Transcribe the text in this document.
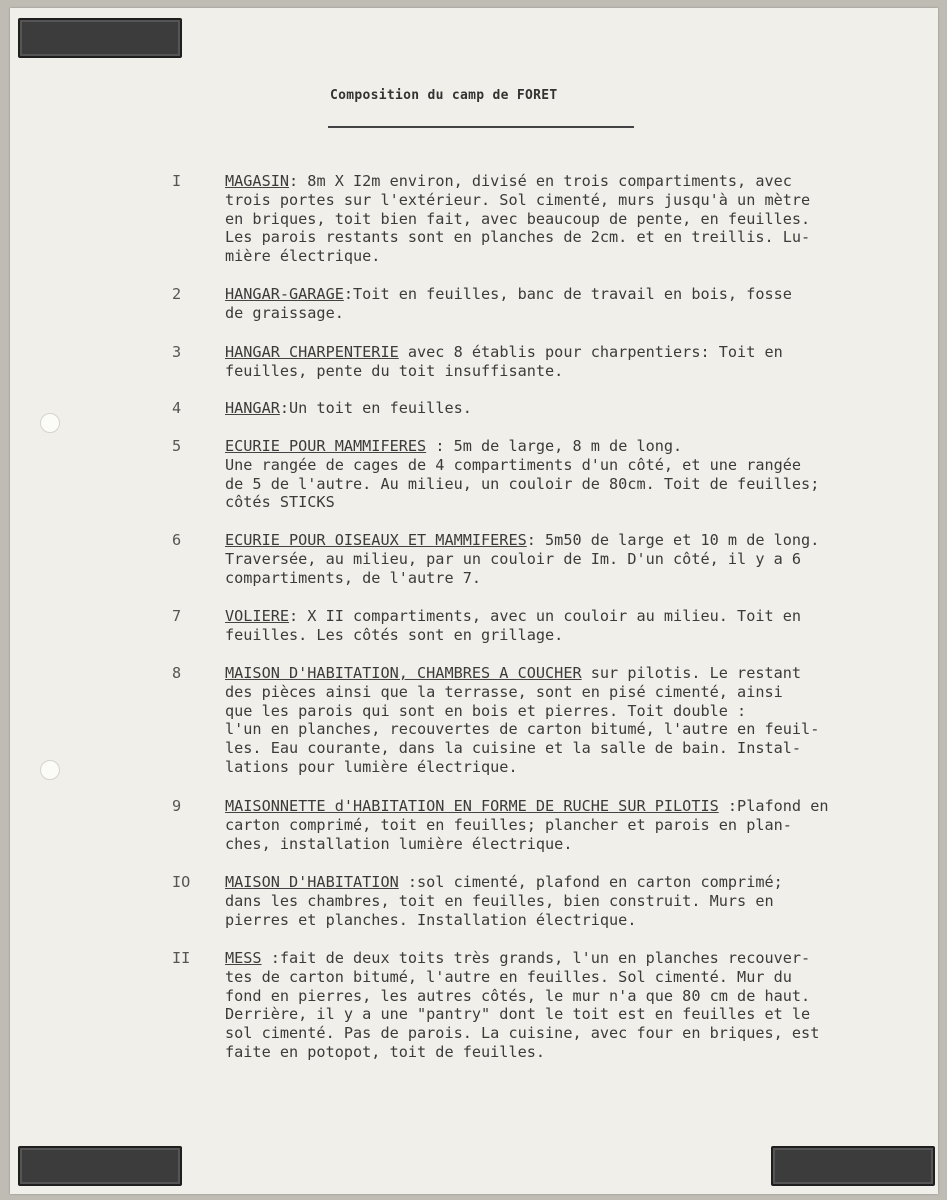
Composition du camp de FORET
I	MAGASIN: 8m X I2m environ, divisé en trois compartiments, avec
trois portes sur l'extérieur. Sol cimenté, murs jusqu'à un mètre
en briques, toit bien fait, avec beaucoup de pente, en feuilles.
Les parois restants sont en planches de 2cm. et en treillis. Lu-
mière électrique.
2	HANGAR-GARAGE:Toit en feuilles, banc de travail en bois, fosse
de graissage.
3	HANGAR CHARPENTERIE avec 8 établis pour charpentiers: Toit en
feuilles, pente du toit insuffisante.
4	HANGAR:Un toit en feuilles.
5	ECURIE POUR MAMMIFERES : 5m de large, 8 m de long.
Une rangée de cages de 4 compartiments d'un côté, et une rangée
de 5 de l'autre. Au milieu, un couloir de 80cm. Toit de feuilles;
côtés STICKS
6	ECURIE POUR OISEAUX ET MAMMIFERES: 5m50 de large et 10 m de long.
Traversée, au milieu, par un couloir de Im. D'un côté, il y a 6
compartiments, de l'autre 7.
7	VOLIERE: X II compartiments, avec un couloir au milieu. Toit en
feuilles. Les côtés sont en grillage.
8	MAISON D'HABITATION, CHAMBRES A COUCHER sur pilotis. Le restant
des pièces ainsi que la terrasse, sont en pisé cimenté, ainsi
que les parois qui sont en bois et pierres. Toit double :
l'un en planches, recouvertes de carton bitumé, l'autre en feuil-
les. Eau courante, dans la cuisine et la salle de bain. Instal-
lations pour lumière électrique.
9	MAISONNETTE d'HABITATION EN FORME DE RUCHE SUR PILOTIS :Plafond en
carton comprimé, toit en feuilles; plancher et parois en plan-
ches, installation lumière électrique.
IO	MAISON D'HABITATION :sol cimenté, plafond en carton comprimé;
dans les chambres, toit en feuilles, bien construit. Murs en
pierres et planches. Installation électrique.
II	MESS :fait de deux toits très grands, l'un en planches recouver-
tes de carton bitumé, l'autre en feuilles. Sol cimenté. Mur du
fond en pierres, les autres côtés, le mur n'a que 80 cm de haut.
Derrière, il y a une "pantry" dont le toit est en feuilles et le
sol cimenté. Pas de parois. La cuisine, avec four en briques, est
faite en potopot, toit de feuilles.
